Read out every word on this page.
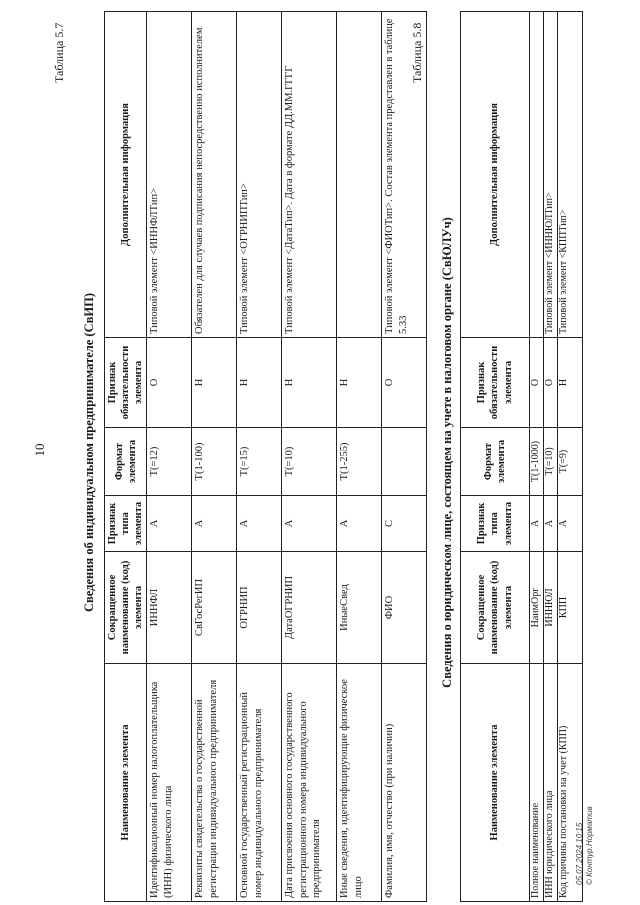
10
Таблица 5.7
Сведения об индивидуальном предпринимателе (СвИП)
Наименование элемента	Сокращенное наименование (код) элемента	Признак типа элемента	Формат элемента	Признак обязательности элемента	Дополнительная информация
Идентификационный номер налогоплательщика (ИНН) физического лица	ИННФЛ	А	Т(=12)	О	Типовой элемент <ИННФЛТип>
Реквизиты свидетельства о государственной регистрации индивидуального предпринимателя	СвГосРегИП	А	Т(1-100)	Н	Обязателен для случаев подписания непосредственно исполнителем
Основной государственный регистрационный номер индивидуального предпринимателя	ОГРНИП	А	Т(=15)	Н	Типовой элемент <ОГРНИПТип>
Дата присвоения основного государственного регистрационного номера индивидуального предпринимателя	ДатаОГРНИП	А	Т(=10)	Н	Типовой элемент <ДатаТип>. Дата в формате ДД.ММ.ГГГГ
Иные сведения, идентифицирующие физическое лицо	ИныеСвед	А	Т(1-255)	Н	
Фамилия, имя, отчество (при наличии)	ФИО	С		О	Типовой элемент <ФИОТип>. Состав элемента представлен в таблице 5.33
Таблица 5.8
Сведения о юридическом лице, состоящем на учете в налоговом органе (СвЮЛУч)
Наименование элемента	Сокращенное наименование (код) элемента	Признак типа элемента	Формат элемента	Признак обязательности элемента	Дополнительная информация
Полное наименование	НаимОрг	А	Т(1-1000)	О	
ИНН юридического лица	ИННЮЛ	А	Т(=10)	О	Типовой элемент <ИННЮЛТип>
Код причины постановки на учет (КПП)	КПП	А	Т(=9)	Н	Типовой элемент <КППТип>
05.07.2024 10:15 © Контур.Норматив
